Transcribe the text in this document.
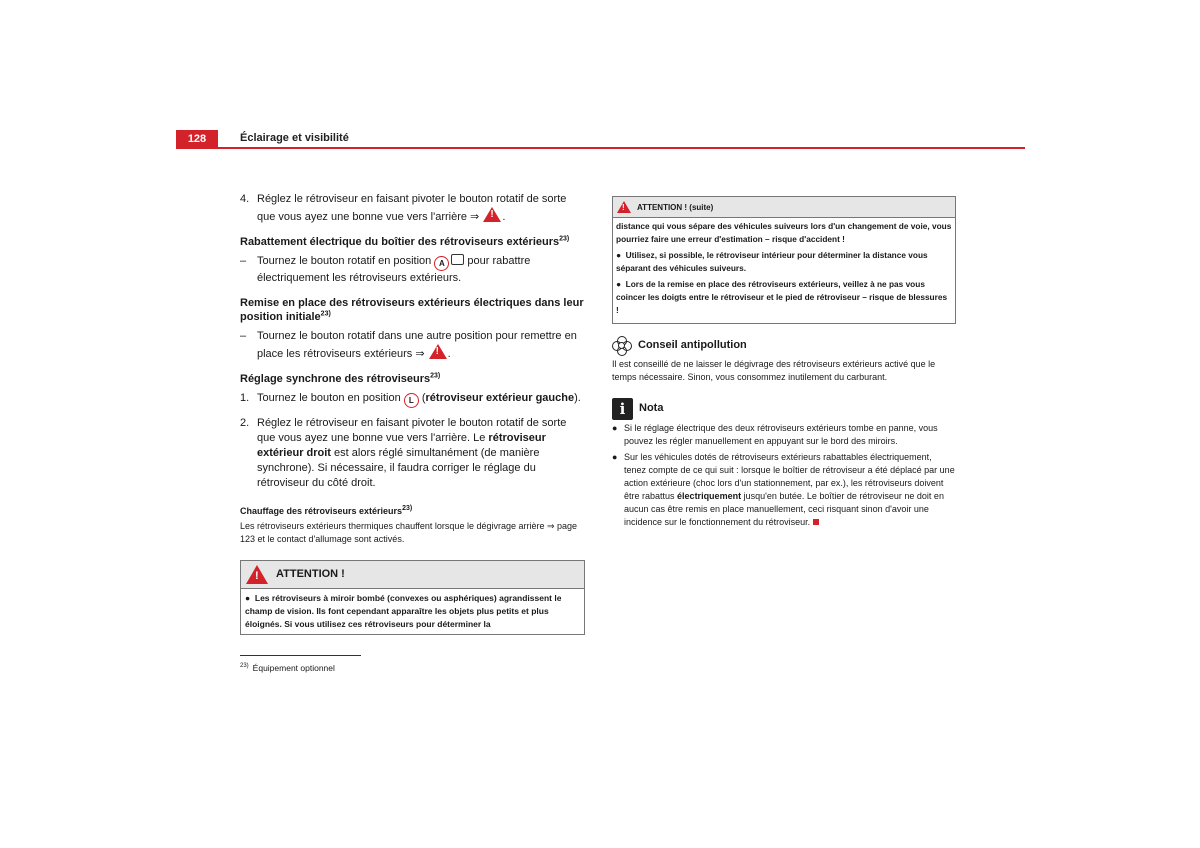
128	Éclairage et visibilité
4. Réglez le rétroviseur en faisant pivoter le bouton rotatif de sorte que vous ayez une bonne vue vers l'arrière ⇒ ! .
Rabattement électrique du boîtier des rétroviseurs extérieurs$^{23)}$
– Tournez le bouton rotatif en position A pour rabattre électriquement les rétroviseurs extérieurs.
Remise en place des rétroviseurs extérieurs électriques dans leur position initiale$^{23)}$
– Tournez le bouton rotatif dans une autre position pour remettre en place les rétroviseurs extérieurs ⇒ ! .
Réglage synchrone des rétroviseurs$^{23)}$
1. Tournez le bouton en position L (rétroviseur extérieur gauche).
2. Réglez le rétroviseur en faisant pivoter le bouton rotatif de sorte que vous ayez une bonne vue vers l'arrière. Le rétroviseur extérieur droit est alors réglé simultanément (de manière synchrone). Si nécessaire, il faudra corriger le réglage du rétroviseur du côté droit.
Chauffage des rétroviseurs extérieurs$^{23)}$
Les rétroviseurs extérieurs thermiques chauffent lorsque le dégivrage arrière ⇒ page 123 et le contact d'allumage sont activés.
!
ATTENTION !
● Les rétroviseurs à miroir bombé (convexes ou asphériques) agrandissent le champ de vision. Ils font cependant apparaître les objets plus petits et plus éloignés. Si vous utilisez ces rétroviseurs pour déterminer la
$^{23)}$ Équipement optionnel
!
ATTENTION ! (suite)

distance qui vous sépare des véhicules suiveurs lors d'un changement de voie, vous pourriez faire une erreur d'estimation – risque d'accident !

● Utilisez, si possible, le rétroviseur intérieur pour déterminer la distance vous séparant des véhicules suiveurs.

● Lors de la remise en place des rétroviseurs extérieurs, veillez à ne pas vous coincer les doigts entre le rétroviseur et le pied de rétroviseur – risque de blessures !

Conseil antipollution

Il est conseillé de ne laisser le dégivrage des rétroviseurs extérieurs activé que le temps nécessaire. Sinon, vous consommez inutilement du carburant.

i	Nota
● Si le réglage électrique des deux rétroviseurs extérieurs tombe en panne, vous pouvez les régler manuellement en appuyant sur le bord des miroirs.
● Sur les véhicules dotés de rétroviseurs extérieurs rabattables électriquement, tenez compte de ce qui suit : lorsque le boîtier de rétroviseur a été déplacé par une action extérieure (choc lors d'un stationnement, par ex.), les rétroviseurs doivent être rabattus électriquement jusqu'en butée. Le boîtier de rétroviseur ne doit en aucun cas être remis en place manuellement, ceci risquant sinon d'avoir une incidence sur le fonctionnement du rétroviseur.
